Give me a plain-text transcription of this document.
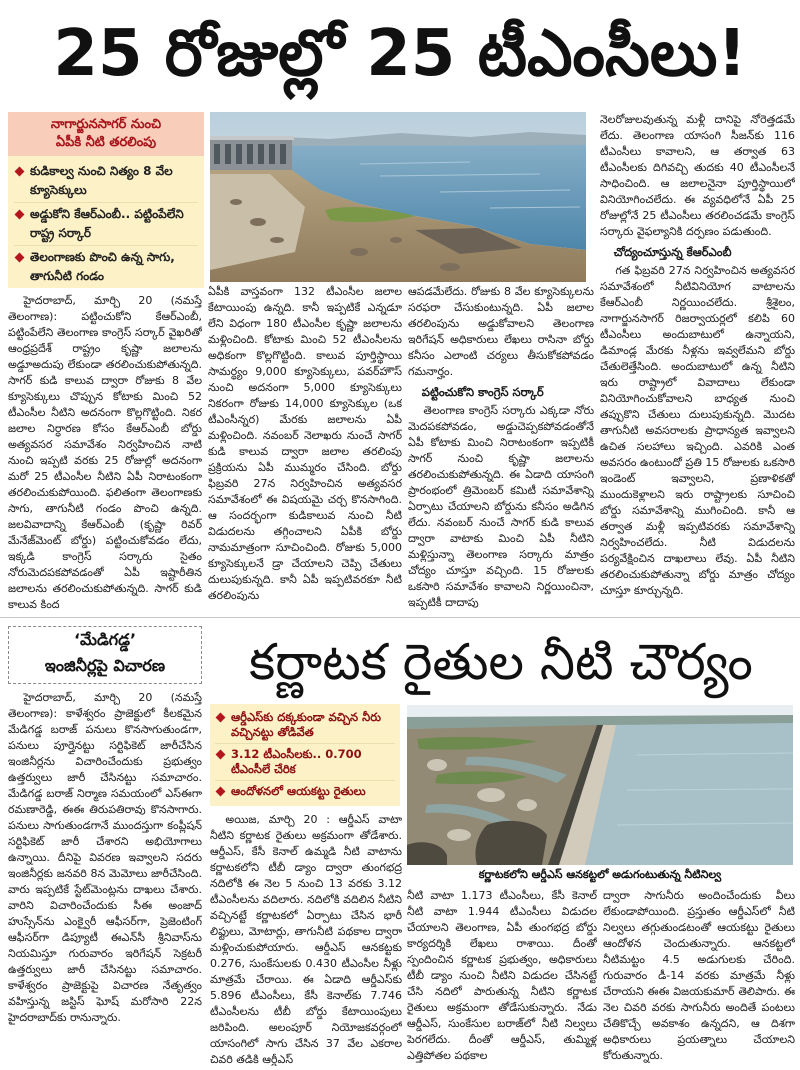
25 రోజుల్లో 25 టీఎంసీలు!
నాగార్జునసాగర్ నుంచి
ఏపీకి నీటి తరలింపు
కుడికాల్వ నుంచి నిత్యం 8 వేల క్యూసెక్కులు
అడ్డుకోని కేఆర్ఎంబీ.. పట్టింపేలేని రాష్ట్ర సర్కార్
తెలంగాణకు పొంచి ఉన్న సాగు, తాగునీటి గండం

హైదరాబాద్, మార్చి 20 (నమస్తే తెలంగాణ): పట్టించుకోని కేఆర్ఎంబీ, పట్టింపేలేని తెలంగాణ కాంగ్రెస్ సర్కార్ వైఖరితో ఆంధ్రప్రదేశ్ రాష్ట్రం కృష్ణా జలాలను అడ్డూఅదుపు లేకుండా తరలించుకుపోతున్నది. సాగర్ కుడి కాలువ ద్వారా రోజుకు 8 వేల క్యూసెక్కులు చొప్పున కోటాకు మించి 52 టీఎంసీల నీటిని అదనంగా కొల్లగొట్టింది. నికర జలాల నిర్ధారణ కోసం కేఆర్ఎంబీ బోర్డు అత్యవసర సమావేశం నిర్వహించిన నాటి నుంచి ఇప్పటి వరకు 25 రోజుల్లో అదనంగా మరో 25 టీఎంసీల నీటిని ఏపీ నిరాటంకంగా తరలించుకుపోయింది. ఫలితంగా తెలంగాణకు సాగు, తాగునీటి గండం పొంచి ఉన్నది. జలవివాదాన్ని కేఆర్ఎంబీ (కృష్ణా రివర్ మేనేజ్‌మెంట్ బోర్డు) పట్టించుకోవడం లేదు, ఇక్కడి కాంగ్రెస్ సర్కారు సైతం నోరుమెదపకపోవడంతో ఏపీ ఇష్టారీతిన జలాలను తరలించుకుపోతున్నది. సాగర్ కుడి కాలువ కింద

ఏపీకి వాస్తవంగా 132 టీఎంసీల జలాల కేటాయింపు ఉన్నది. కానీ ఇప్పటికే ఎన్నడూ లేని విధంగా 180 టీఎంసీల కృష్ణా జలాలను మళ్లించింది. కోటాకు మించి 52 టీఎంసీలను అధికంగా కొల్లగొట్టింది. కాలువ పూర్తిస్థాయి సామర్థ్యం 9,000 క్యూసెక్కులు, పవర్‌హౌస్ నుంచి అదనంగా 5,000 క్యూసెక్కులు నికరంగా రోజుకు 14,000 క్యూసెక్కుల (ఒక టీఎంసీన్నర) మేరకు జలాలను ఏపీ మళ్లించింది. నవంబర్ నెలాఖరు నుంచే సాగర్ కుడి కాలువ ద్వారా జలాల తరలింపు ప్రక్రియను ఏపీ ముమ్మరం చేసింది. బోర్డు ఫిబ్రవరి 27న నిర్వహించిన అత్యవసర సమావేశంలో ఈ విషయమై చర్చ కొనసాగింది. ఆ సందర్భంగా కుడికాలువ నుంచి నీటి విడుదలను తగ్గించాలని ఏపీకి బోర్డు నామమాత్రంగా సూచించింది. రోజుకు 5,000 క్యూసెక్కులనే డ్రా చేయాలని చెప్పి చేతులు దులుపుకున్నది. కానీ ఏపీ ఇప్పటివరకూ నీటి తరలింపును

ఆపడమేలేదు. రోజుకు 8 వేల క్యూసెక్కులను సరఫరా చేసుకుంటున్నది. ఏపీ జలాల తరలింపును అడ్డుకోవాలని తెలంగాణ ఇరిగేషన్ అధికారులు లేఖలు రాసినా బోర్డు కనీసం ఎలాంటి చర్యలు తీసుకోకపోవడం గమనార్హం.

పట్టించుకోని కాంగ్రెస్ సర్కార్

తెలంగాణ కాంగ్రెస్ సర్కారు ఎక్కడా నోరు మెదపకపోవడం, అడ్డుచెప్పకపోవడంతోనే ఏపీ కోటాకు మించి నిరాటంకంగా ఇప్పటికీ సాగర్ నుంచి కృష్ణా జలాలను తరలించుకుపోతున్నది. ఈ ఏడాది యాసంగి ప్రారంభంలో త్రిమెంబర్ కమిటీ సమావేశాన్ని ఏర్పాటు చేయాలని బోర్డును కనీసం అడిగిన లేదు. నవంబర్ నుంచే సాగర్ కుడి కాలువ ద్వారా వాటాకు మించి ఏపీ నీటిని మళ్లిస్తున్నా తెలంగాణ సర్కారు మాత్రం చోద్యం చూస్తూ వచ్చింది. 15 రోజులకు ఒకసారి సమావేశం కావాలని నిర్ణయించినా, ఇప్పటికీ దాదాపు

నెలరోజులవుతున్న మళ్లీ దానిపై నోరెత్తడమే లేదు. తెలంగాణ యాసంగి సీజన్‌కు 116 టీఎంసీలు కావాలని, ఆ తర్వాత 63 టీఎంసీలకు దిగివచ్చి తుదకు 40 టీఎంసీలనే సాధించింది. ఆ జలాలనైనా పూర్తిస్థాయిలో వినియోగించలేదు. ఈ వ్యవధిలోనే ఏపీ 25 రోజుల్లోనే 25 టీఎంసీలు తరలించడమే కాంగ్రెస్ సర్కారు వైఫల్యానికి దర్పణం పడుతుంది.

చోద్యంచూస్తున్న కేఆర్ఎంబీ

గత ఫిబ్రవరి 27న నిర్వహించిన అత్యవసర సమావేశంలో నీటివినియోగ వాటాలను కేఆర్ఎంబీ నిర్ణయించలేదు. శ్రీశైలం, నాగార్జునసాగర్ రిజర్వాయర్లలో కలిపి 60 టీఎంసీలు అందుబాటులో ఉన్నాయని, డిమాండ్ల మేరకు నీళ్లను ఇవ్వలేమని బోర్డు చేతులెత్తేసింది. అందుబాటులో ఉన్న నీటిని ఇరు రాష్ట్రాలో వివాదాలు లేకుండా వినియోగించుకోవాలని బాధ్యత నుంచి తప్పుకొని చేతులు దులుపుకున్నది. మొదట తాగునీటి అవసరాలకు ప్రాధాన్యత ఇవ్వాలని ఉచిత సలహాలు ఇచ్చింది. ఎవరికి ఎంత అవసరం ఉంటుందో ప్రతి 15 రోజులకు ఒకసారి ఇండెంట్ ఇవ్వాలని, ప్రణాళికతో ముందుకెళ్లాలని ఇరు రాష్ట్రాలకు సూచించి బోర్డు సమావేశాన్ని ముగించింది. కానీ ఆ తర్వాత మళ్లీ ఇప్పటివరకు సమావేశాన్ని నిర్వహించలేదు. నీటి విడుదలను పర్యవేక్షించిన దాఖలాలు లేవు. ఏపీ నీటిని తరలించుకుపోతున్నా బోర్డు మాత్రం చోద్యం చూస్తూ కూర్చున్నది.

‘మేడిగడ్డ’
ఇంజినీర్లపై విచారణ

హైదరాబాద్, మార్చి 20 (నమస్తే తెలంగాణ): కాళేశ్వరం ప్రాజెక్టులో కీలకమైన మేడిగడ్డ బరాజ్ పనులు కొనసాగుతుండగా, పనులు పూర్తైనట్టు సర్టిఫికెట్ జారీచేసిన ఇంజినీర్లను విచారించేందుకు ప్రభుత్వం ఉత్తర్వులు జారీ చేసినట్టు సమాచారం. మేడిగడ్డ బరాజ్ నిర్మాణ సమయంలో ఎస్ఈగా రమణారెడ్డి, ఈఈ తిరుపతిరావు కొనసాగారు. పనులు సాగుతుండగానే ముందస్తుగా కంప్లీషన్ సర్టిఫికెట్ జారీ చేశారని అభియోగాలు ఉన్నాయి. దీనిపై వివరణ ఇవ్వాలని సదరు ఇంజినీర్లకు జనవరి 8న మెమోలు జారీచేసింది. వారు ఇప్పటికే స్టేట్‌మెంట్లను దాఖలు చేశారు. వారిని విచారించేందుకు సీఈ అంజాద్ హుస్సేన్‌ను ఎంక్వైరీ ఆఫీసర్‌గా, ప్రెజెంటింగ్ ఆఫీసర్‌గా డిప్యూటీ ఈఎన్‌సీ శ్రీనివాస్‌ను నియమిస్తూ గురువారం ఇరిగేషన్ సెక్రటరీ ఉత్తర్వులు జారీ చేసినట్టు సమాచారం. కాళేశ్వరం ప్రాజెక్టుపై విచారణ నేతృత్వం వహిస్తున్న జస్టిస్ ఘోష్ మరోసారి 22న హైదరాబాద్‌కు రానున్నారు.

కర్ణాటక రైతుల నీటి చౌర్యం
ఆర్డీఎస్‌కు దక్కకుండా వచ్చిన నీరు వచ్చినట్టు తోడివేత
3.12 టీఎంసీలకు.. 0.700 టీఎంసీలే చేరిక
ఆందోళనలో ఆయకట్టు రైతులు
కర్ణాటకలోని ఆర్డీఎస్ ఆనకట్టలో అడుగంటుతున్న నీటినిల్వ

అయిజ, మార్చి 20 : ఆర్డీఎస్ వాటా నీటిని కర్ణాటక రైతులు అక్రమంగా తోడేశారు. ఆర్డీఎస్, కేసీ కెనాల్ ఉమ్మడి నీటి వాటాను కర్ణాటకలోని టీబీ డ్యాం ద్వారా తుంగభద్ర నదిలోకి ఈ నెల 5 నుంచి 13 వరకు 3.12 టీఎంసీలను వదిలారు. నదిలోకి వదిలిన నీటిని వచ్చినట్టే కర్ణాటకలో ఏర్పాటు చేసిన భారీ లిఫ్టులు, మోటార్లు, తాగునీటి పథకాల ద్వారా మళ్లించుకుపోయారు. ఆర్డీఎస్ ఆనకట్టకు 0.276, సుంకేసులకు 0.430 టీఎంసీల నీళ్లు మాత్రమే చేరాయి. ఈ ఏడాది ఆర్డీఎస్‌కు 5.896 టీఎంసీలు, కేసీ కెనాల్‌కు 7.746 టీఎంసీలను టీబీ బోర్డు కేటాయింపులు జరిపింది. అలంపూర్ నియోజకవర్గంలో యాసంగిలో సాగు చేసిన 37 వేల ఎకరాల చివరి తడికి ఆర్డీఎస్

నీటి వాటా 1.173 టీఎంసీలు, కేసీ కెనాల్ నీటి వాటా 1.944 టీఎంసీలు విడుదల చేయాలని తెలంగాణ, ఏపీ తుంగభద్ర బోర్డు కార్యదర్శికి లేఖలు రాశాయి. దీంతో స్పందించిన కర్ణాటక ప్రభుత్వం, అధికారులు టీబీ డ్యాం నుంచి నీటిని విడుదల చేసినట్టే చేసి నదిలో పారుతున్న నీటిని కర్ణాటక రైతులు అక్రమంగా తోడేసుకున్నారు. నేడు ఆర్డీఎస్, సుంకేసుల బరాజ్‌లో నీటి నిల్వలు పెరగలేదు. దీంతో ఆర్డీఎస్, తుమ్మిళ్ల ఎత్తిపోతల పథకాల

ద్వారా సాగునీరు అందించేందుకు వీలు లేకుండాపోయింది. ప్రస్తుతం ఆర్డీఎస్‌లో నీటి నిల్వలు తగ్గుతుండటంతో ఆయకట్టు రైతులు ఆందోళన చెందుతున్నారు. ఆనకట్టలో నీటిమట్టం 4.5 అడుగులకు చేరింది. గురువారం డీ-14 వరకు మాత్రమే నీళ్లు చేరాయని ఈఈ విజయకుమార్ తెలిపారు. ఈ నెల చివరి వరకు సాగునీరు అందితే పంటలు చేతికొచ్చే అవకాశం ఉన్నదని, ఆ దిశగా అధికారులు ప్రయత్నాలు చేయాలని కోరుతున్నారు.
